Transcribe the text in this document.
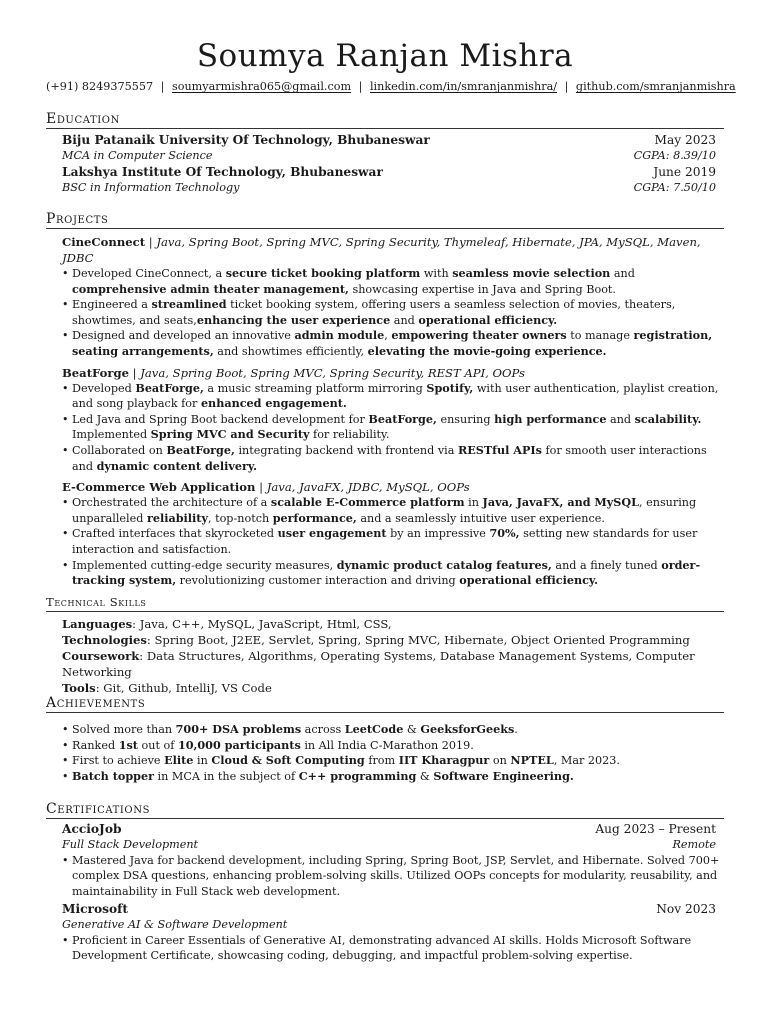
Soumya Ranjan Mishra
(+91) 8249375557 | soumyarmishra065@gmail.com | linkedin.com/in/smranjanmishra/ | github.com/smranjanmishra
Education
Biju Patanaik University Of Technology, Bhubaneswar	May 2023
MCA in Computer Science	CGPA: 8.39/10
Lakshya Institute Of Technology, Bhubaneswar	June 2019
BSC in Information Technology	CGPA: 7.50/10
Projects
CineConnect | Java, Spring Boot, Spring MVC, Spring Security, Thymeleaf, Hibernate, JPA, MySQL, Maven, JDBC
• Developed CineConnect, a secure ticket booking platform with seamless movie selection and comprehensive admin theater management, showcasing expertise in Java and Spring Boot.
• Engineered a streamlined ticket booking system, offering users a seamless selection of movies, theaters, showtimes, and seats,enhancing the user experience and operational efficiency.
• Designed and developed an innovative admin module, empowering theater owners to manage registration, seating arrangements, and showtimes efficiently, elevating the movie-going experience.
BeatForge | Java, Spring Boot, Spring MVC, Spring Security, REST API, OOPs
• Developed BeatForge, a music streaming platform mirroring Spotify, with user authentication, playlist creation, and song playback for enhanced engagement.
• Led Java and Spring Boot backend development for BeatForge, ensuring high performance and scalability. Implemented Spring MVC and Security for reliability.
• Collaborated on BeatForge, integrating backend with frontend via RESTful APIs for smooth user interactions and dynamic content delivery.
E-Commerce Web Application | Java, JavaFX, JDBC, MySQL, OOPs
• Orchestrated the architecture of a scalable E-Commerce platform in Java, JavaFX, and MySQL, ensuring unparalleled reliability, top-notch performance, and a seamlessly intuitive user experience.
• Crafted interfaces that skyrocketed user engagement by an impressive 70%, setting new standards for user interaction and satisfaction.
• Implemented cutting-edge security measures, dynamic product catalog features, and a finely tuned order-tracking system, revolutionizing customer interaction and driving operational efficiency.
Technical Skills
Languages: Java, C++, MySQL, JavaScript, Html, CSS,
Technologies: Spring Boot, J2EE, Servlet, Spring, Spring MVC, Hibernate, Object Oriented Programming
Coursework: Data Structures, Algorithms, Operating Systems, Database Management Systems, Computer Networking
Tools: Git, Github, IntelliJ, VS Code
Achievements
• Solved more than 700+ DSA problems across LeetCode & GeeksforGeeks.
• Ranked 1st out of 10,000 participants in All India C-Marathon 2019.
• First to achieve Elite in Cloud & Soft Computing from IIT Kharagpur on NPTEL, Mar 2023.
• Batch topper in MCA in the subject of C++ programming & Software Engineering.
Certifications
AccioJob	Aug 2023 – Present
Full Stack Development	Remote
• Mastered Java for backend development, including Spring, Spring Boot, JSP, Servlet, and Hibernate. Solved 700+ complex DSA questions, enhancing problem-solving skills. Utilized OOPs concepts for modularity, reusability, and maintainability in Full Stack web development.
Microsoft	Nov 2023
Generative AI & Software Development
• Proficient in Career Essentials of Generative AI, demonstrating advanced AI skills. Holds Microsoft Software Development Certificate, showcasing coding, debugging, and impactful problem-solving expertise.
